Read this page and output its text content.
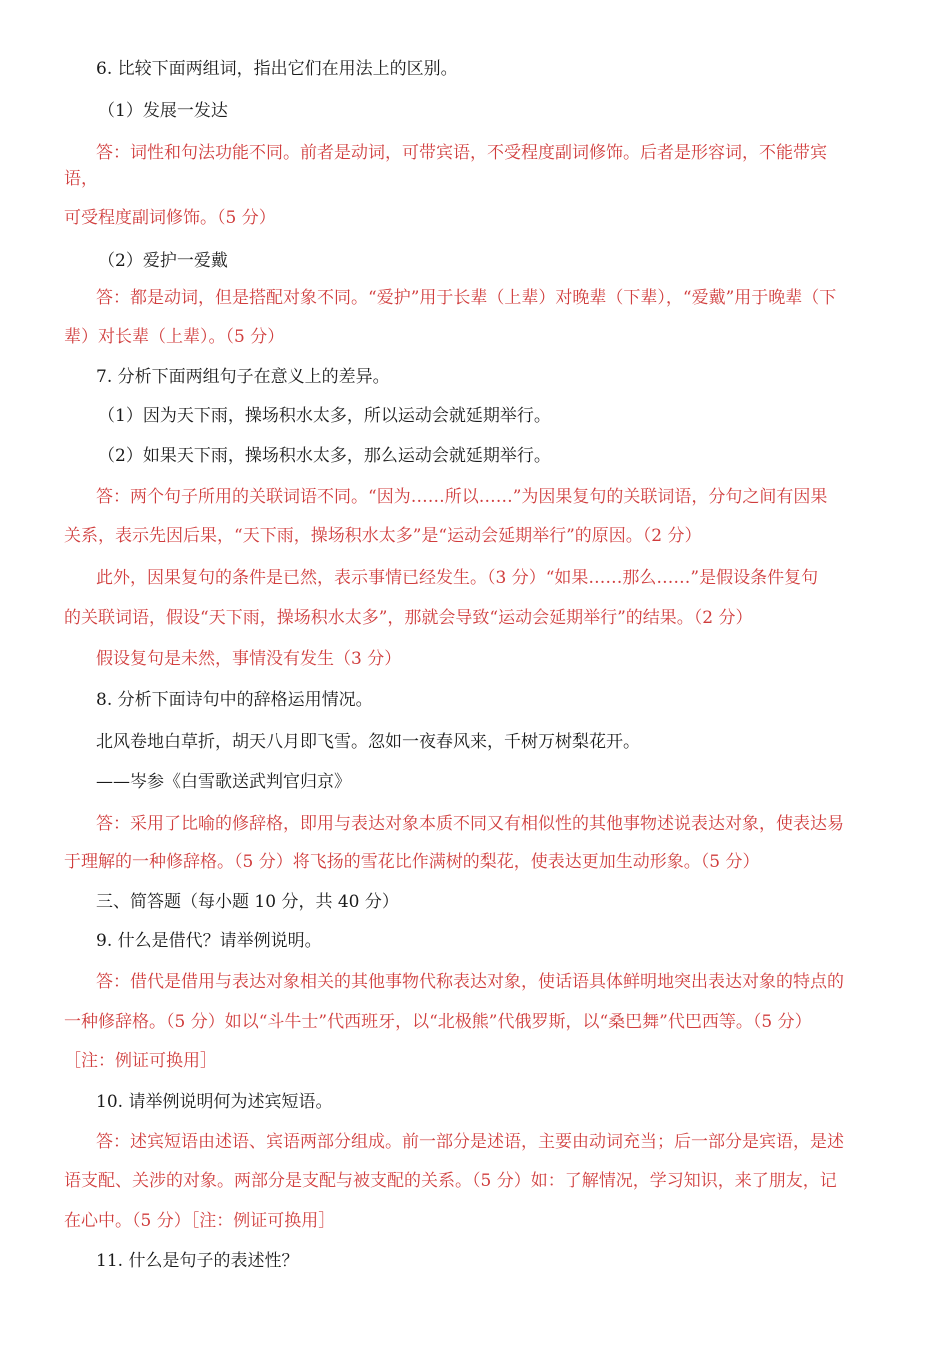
6. 比较下面两组词，指出它们在用法上的区别。
（1）发展一发达
答：词性和句法功能不同。前者是动词，可带宾语，不受程度副词修饰。后者是形容词，不能带宾
语，
可受程度副词修饰。（5 分）
（2）爱护一爱戴
答：都是动词，但是搭配对象不同。“爱护”用于长辈（上辈）对晚辈（下辈），“爱戴”用于晚辈（下
辈）对长辈（上辈）。（5 分）
7. 分析下面两组句子在意义上的差异。
（1）因为天下雨，操场积水太多，所以运动会就延期举行。
（2）如果天下雨，操场积水太多，那么运动会就延期举行。
答：两个句子所用的关联词语不同。“因为……所以……”为因果复句的关联词语，分句之间有因果
关系，表示先因后果，“天下雨，操场积水太多”是“运动会延期举行”的原因。（2 分）
此外，因果复句的条件是已然，表示事情已经发生。（3 分）“如果……那么……”是假设条件复句
的关联词语，假设“天下雨，操场积水太多”，那就会导致“运动会延期举行”的结果。（2 分）
假设复句是未然，事情没有发生（3 分）
8. 分析下面诗句中的辞格运用情况。
北风卷地白草折，胡天八月即飞雪。忽如一夜春风来，千树万树梨花开。
——岑参《白雪歌送武判官归京》
答：采用了比喻的修辞格，即用与表达对象本质不同又有相似性的其他事物述说表达对象，使表达易
于理解的一种修辞格。（5 分）将飞扬的雪花比作满树的梨花，使表达更加生动形象。（5 分）
三、简答题（每小题 10 分，共 40 分）
9. 什么是借代？请举例说明。
答：借代是借用与表达对象相关的其他事物代称表达对象，使话语具体鲜明地突出表达对象的特点的
一种修辞格。（5 分）如以“斗牛士”代西班牙，以“北极熊”代俄罗斯，以“桑巴舞”代巴西等。（5 分）
［注：例证可换用］
10. 请举例说明何为述宾短语。
答：述宾短语由述语、宾语两部分组成。前一部分是述语，主要由动词充当；后一部分是宾语，是述
语支配、关涉的对象。两部分是支配与被支配的关系。（5 分）如：了解情况，学习知识，来了朋友，记
在心中。（5 分）［注：例证可换用］
11. 什么是句子的表述性？
